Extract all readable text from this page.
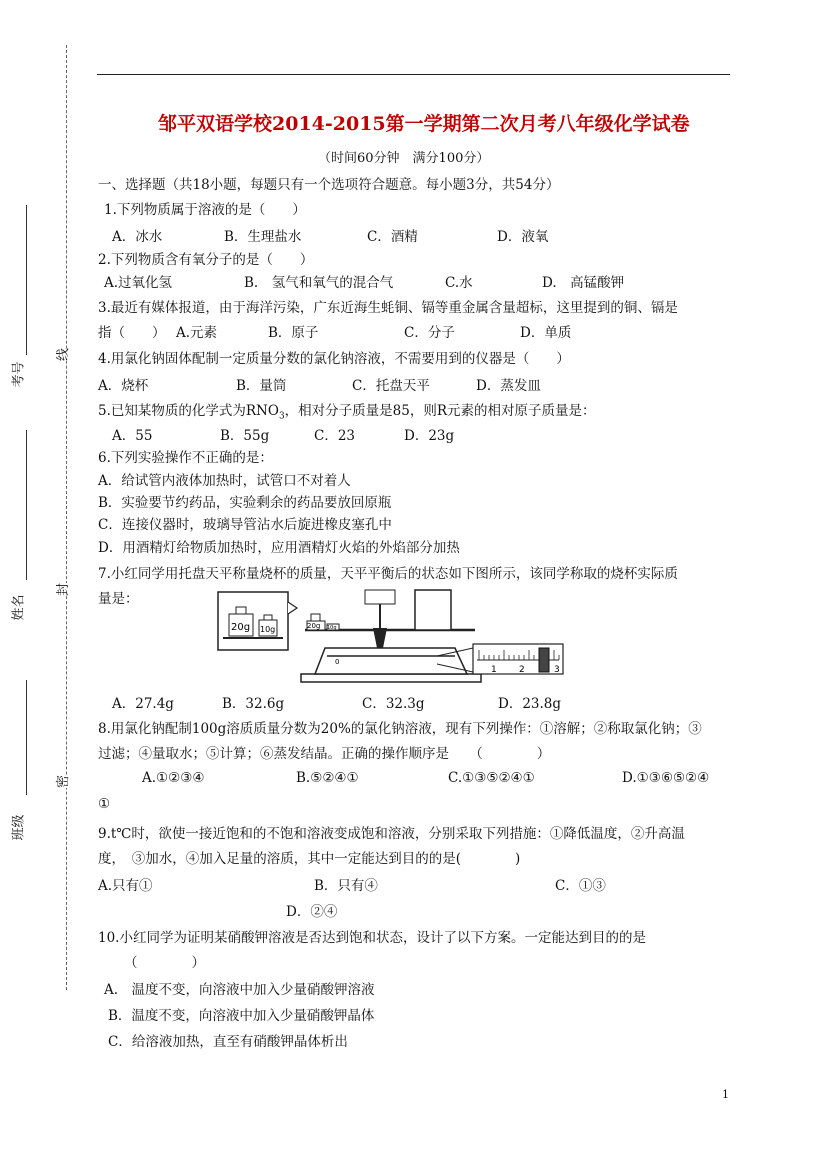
考号
姓名
班级
线
封
密
邹平双语学校2014-2015第一学期第二次月考八年级化学试卷
（时间60分钟　满分100分）
一、选择题（共18小题，每题只有一个选项符合题意。每小题3分，共54分）
1.下列物质属于溶液的是（　　）
A．冰水	B．生理盐水	C．酒精	D．液氧
2.下列物质含有氧分子的是（　　）
A.过氧化氢	B.　氢气和氧气的混合气	C.水	D.　高锰酸钾
3.最近有媒体报道，由于海洋污染，广东近海生蚝铜、镉等重金属含量超标，这里提到的铜、镉是
指（　　） A.元素	B．原子	C．分子	D．单质
4.用氯化钠固体配制一定质量分数的氯化钠溶液，不需要用到的仪器是（　　）
A．烧杯	B．量筒	C．托盘天平	D．蒸发皿
5.已知某物质的化学式为$RNO_3$，相对分子质量是85，则R元素的相对原子质量是：
A．55	B．55g	C．23	D．23g
6.下列实验操作不正确的是：
A．给试管内液体加热时，试管口不对着人
B．实验要节约药品，实验剩余的药品要放回原瓶
C．连接仪器时，玻璃导管沾水后旋进橡皮塞孔中
D．用酒精灯给物质加热时，应用酒精灯火焰的外焰部分加热
7.小红同学用托盘天平称量烧杯的质量，天平平衡后的状态如下图所示，该同学称取的烧杯实际质
量是：
20g 10g	20g 10g
0
1 2	3
A．27.4g	B．32.6g	C．32.3g	D．23.8g
8.用氯化钠配制100g溶质质量分数为20%的氯化钠溶液，现有下列操作：①溶解；②称取氯化钠；③
过滤；④量取水；⑤计算；⑥蒸发结晶。正确的操作顺序是　　（　　　　）
A.①②③④	B.⑤②④①	C.①③⑤②④①	D.①③⑥⑤②④
①
9.t℃时，欲使一接近饱和的不饱和溶液变成饱和溶液，分别采取下列措施：①降低温度，②升高温
度，　③加水，④加入足量的溶质，其中一定能达到目的的是(　　　　)
A.只有①	B．只有④	C．①③
D．②④
10.小红同学为证明某硝酸钾溶液是否达到饱和状态，设计了以下方案。一定能达到目的的是
（　　　　）
A.　温度不变，向溶液中加入少量硝酸钾溶液
B．温度不变，向溶液中加入少量硝酸钾晶体
C．给溶液加热，直至有硝酸钾晶体析出
1
